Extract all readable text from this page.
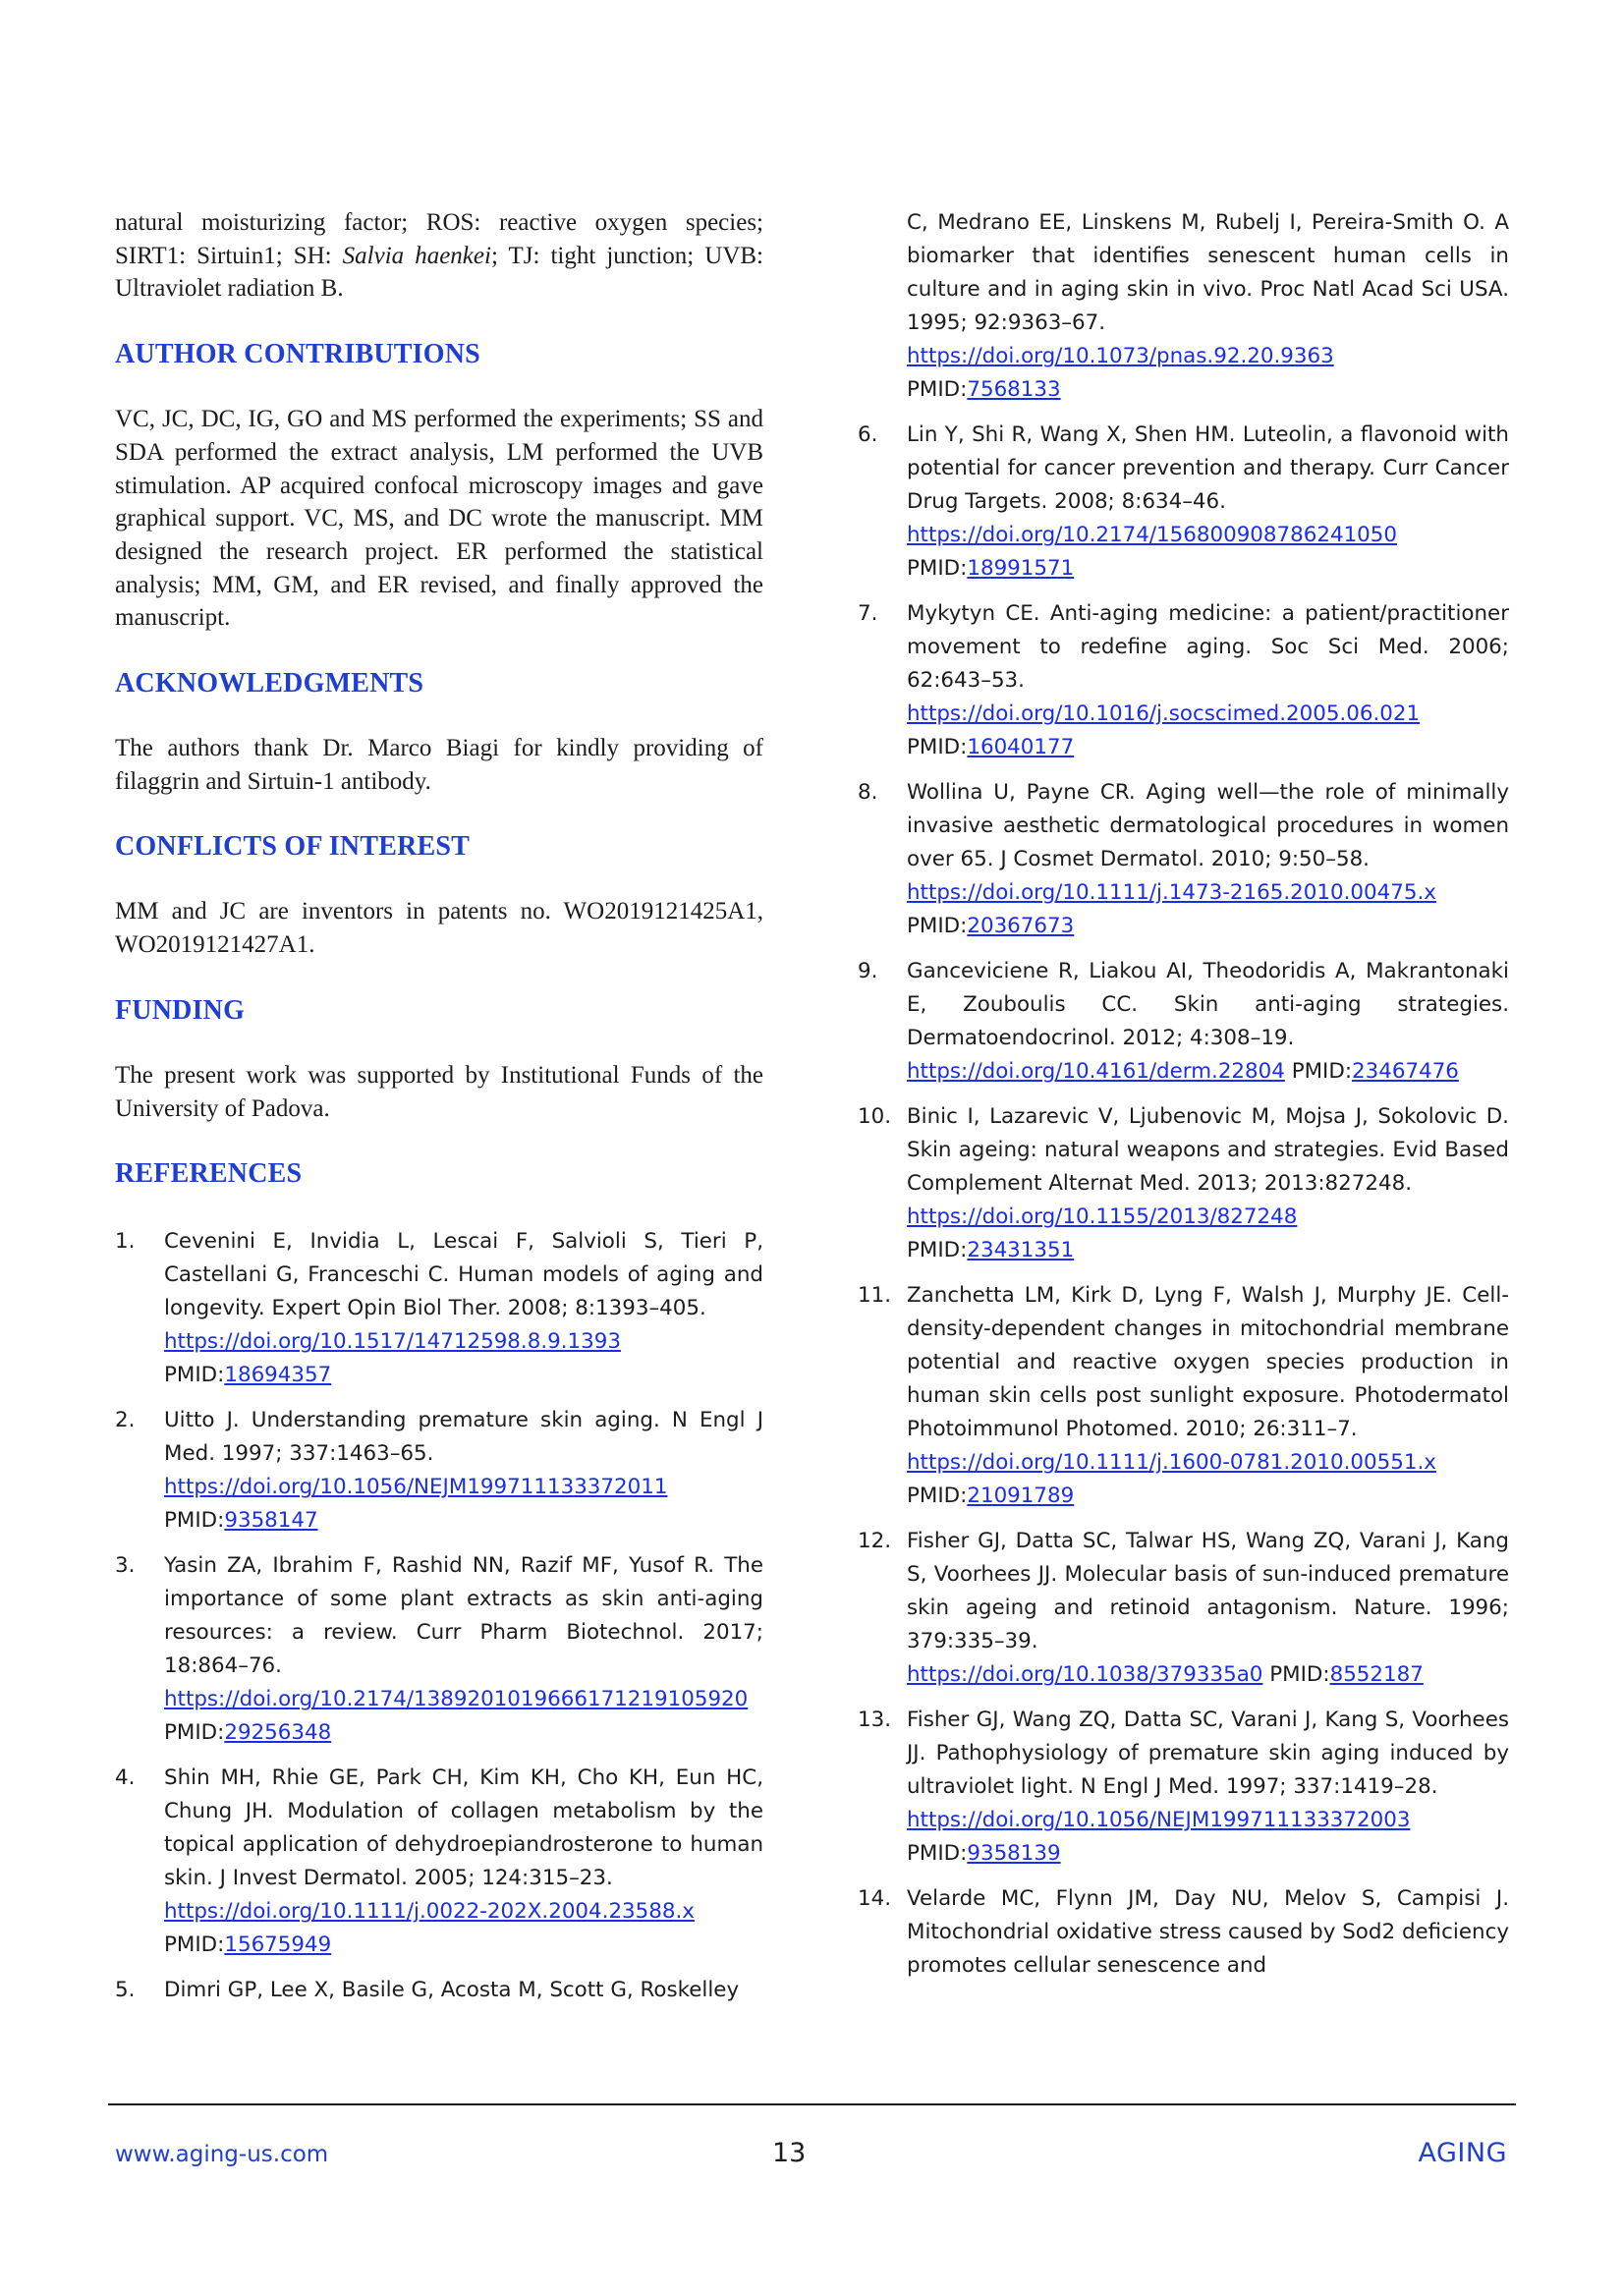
natural moisturizing factor; ROS: reactive oxygen species; SIRT1: Sirtuin1; SH: Salvia haenkei; TJ: tight junction; UVB: Ultraviolet radiation B.

AUTHOR CONTRIBUTIONS

VC, JC, DC, IG, GO and MS performed the experiments; SS and SDA performed the extract analysis, LM performed the UVB stimulation. AP acquired confocal microscopy images and gave graphical support. VC, MS, and DC wrote the manuscript. MM designed the research project. ER performed the statistical analysis; MM, GM, and ER revised, and finally approved the manuscript.

ACKNOWLEDGMENTS

The authors thank Dr. Marco Biagi for kindly providing of filaggrin and Sirtuin-1 antibody.

CONFLICTS OF INTEREST

MM and JC are inventors in patents no. WO2019121425A1, WO2019121427A1.

FUNDING

The present work was supported by Institutional Funds of the University of Padova.

REFERENCES
1. Cevenini E, Invidia L, Lescai F, Salvioli S, Tieri P, Castellani G, Franceschi C. Human models of aging and longevity. Expert Opin Biol Ther. 2008; 8:1393–405.
https://doi.org/10.1517/14712598.8.9.1393
PMID:18694357
2. Uitto J. Understanding premature skin aging. N Engl J Med. 1997; 337:1463–65.
https://doi.org/10.1056/NEJM199711133372011
PMID:9358147
3. Yasin ZA, Ibrahim F, Rashid NN, Razif MF, Yusof R. The importance of some plant extracts as skin anti-aging resources: a review. Curr Pharm Biotechnol. 2017; 18:864–76.
https://doi.org/10.2174/1389201019666171219105920
PMID:29256348
4. Shin MH, Rhie GE, Park CH, Kim KH, Cho KH, Eun HC, Chung JH. Modulation of collagen metabolism by the topical application of dehydroepiandrosterone to human skin. J Invest Dermatol. 2005; 124:315–23.
https://doi.org/10.1111/j.0022-202X.2004.23588.x
PMID:15675949
5. Dimri GP, Lee X, Basile G, Acosta M, Scott G, Roskelley
C, Medrano EE, Linskens M, Rubelj I, Pereira-Smith O. A biomarker that identifies senescent human cells in culture and in aging skin in vivo. Proc Natl Acad Sci USA. 1995; 92:9363–67.
https://doi.org/10.1073/pnas.92.20.9363
PMID:7568133
6. Lin Y, Shi R, Wang X, Shen HM. Luteolin, a flavonoid with potential for cancer prevention and therapy. Curr Cancer Drug Targets. 2008; 8:634–46.
https://doi.org/10.2174/156800908786241050
PMID:18991571
7. Mykytyn CE. Anti-aging medicine: a patient/practitioner movement to redefine aging. Soc Sci Med. 2006; 62:643–53.
https://doi.org/10.1016/j.socscimed.2005.06.021
PMID:16040177
8. Wollina U, Payne CR. Aging well—the role of minimally invasive aesthetic dermatological procedures in women over 65. J Cosmet Dermatol. 2010; 9:50–58.
https://doi.org/10.1111/j.1473-2165.2010.00475.x
PMID:20367673
9. Ganceviciene R, Liakou AI, Theodoridis A, Makrantonaki E, Zouboulis CC. Skin anti-aging strategies. Dermatoendocrinol. 2012; 4:308–19.
https://doi.org/10.4161/derm.22804 PMID:23467476
10. Binic I, Lazarevic V, Ljubenovic M, Mojsa J, Sokolovic D. Skin ageing: natural weapons and strategies. Evid Based Complement Alternat Med. 2013; 2013:827248.
https://doi.org/10.1155/2013/827248
PMID:23431351
11. Zanchetta LM, Kirk D, Lyng F, Walsh J, Murphy JE. Cell-density-dependent changes in mitochondrial membrane potential and reactive oxygen species production in human skin cells post sunlight exposure. Photodermatol Photoimmunol Photomed. 2010; 26:311–7.
https://doi.org/10.1111/j.1600-0781.2010.00551.x
PMID:21091789
12. Fisher GJ, Datta SC, Talwar HS, Wang ZQ, Varani J, Kang S, Voorhees JJ. Molecular basis of sun-induced premature skin ageing and retinoid antagonism. Nature. 1996; 379:335–39.
https://doi.org/10.1038/379335a0 PMID:8552187
13. Fisher GJ, Wang ZQ, Datta SC, Varani J, Kang S, Voorhees JJ. Pathophysiology of premature skin aging induced by ultraviolet light. N Engl J Med. 1997; 337:1419–28.
https://doi.org/10.1056/NEJM199711133372003
PMID:9358139
14. Velarde MC, Flynn JM, Day NU, Melov S, Campisi J. Mitochondrial oxidative stress caused by Sod2 deficiency promotes cellular senescence and
www.aging-us.com	13	AGING
